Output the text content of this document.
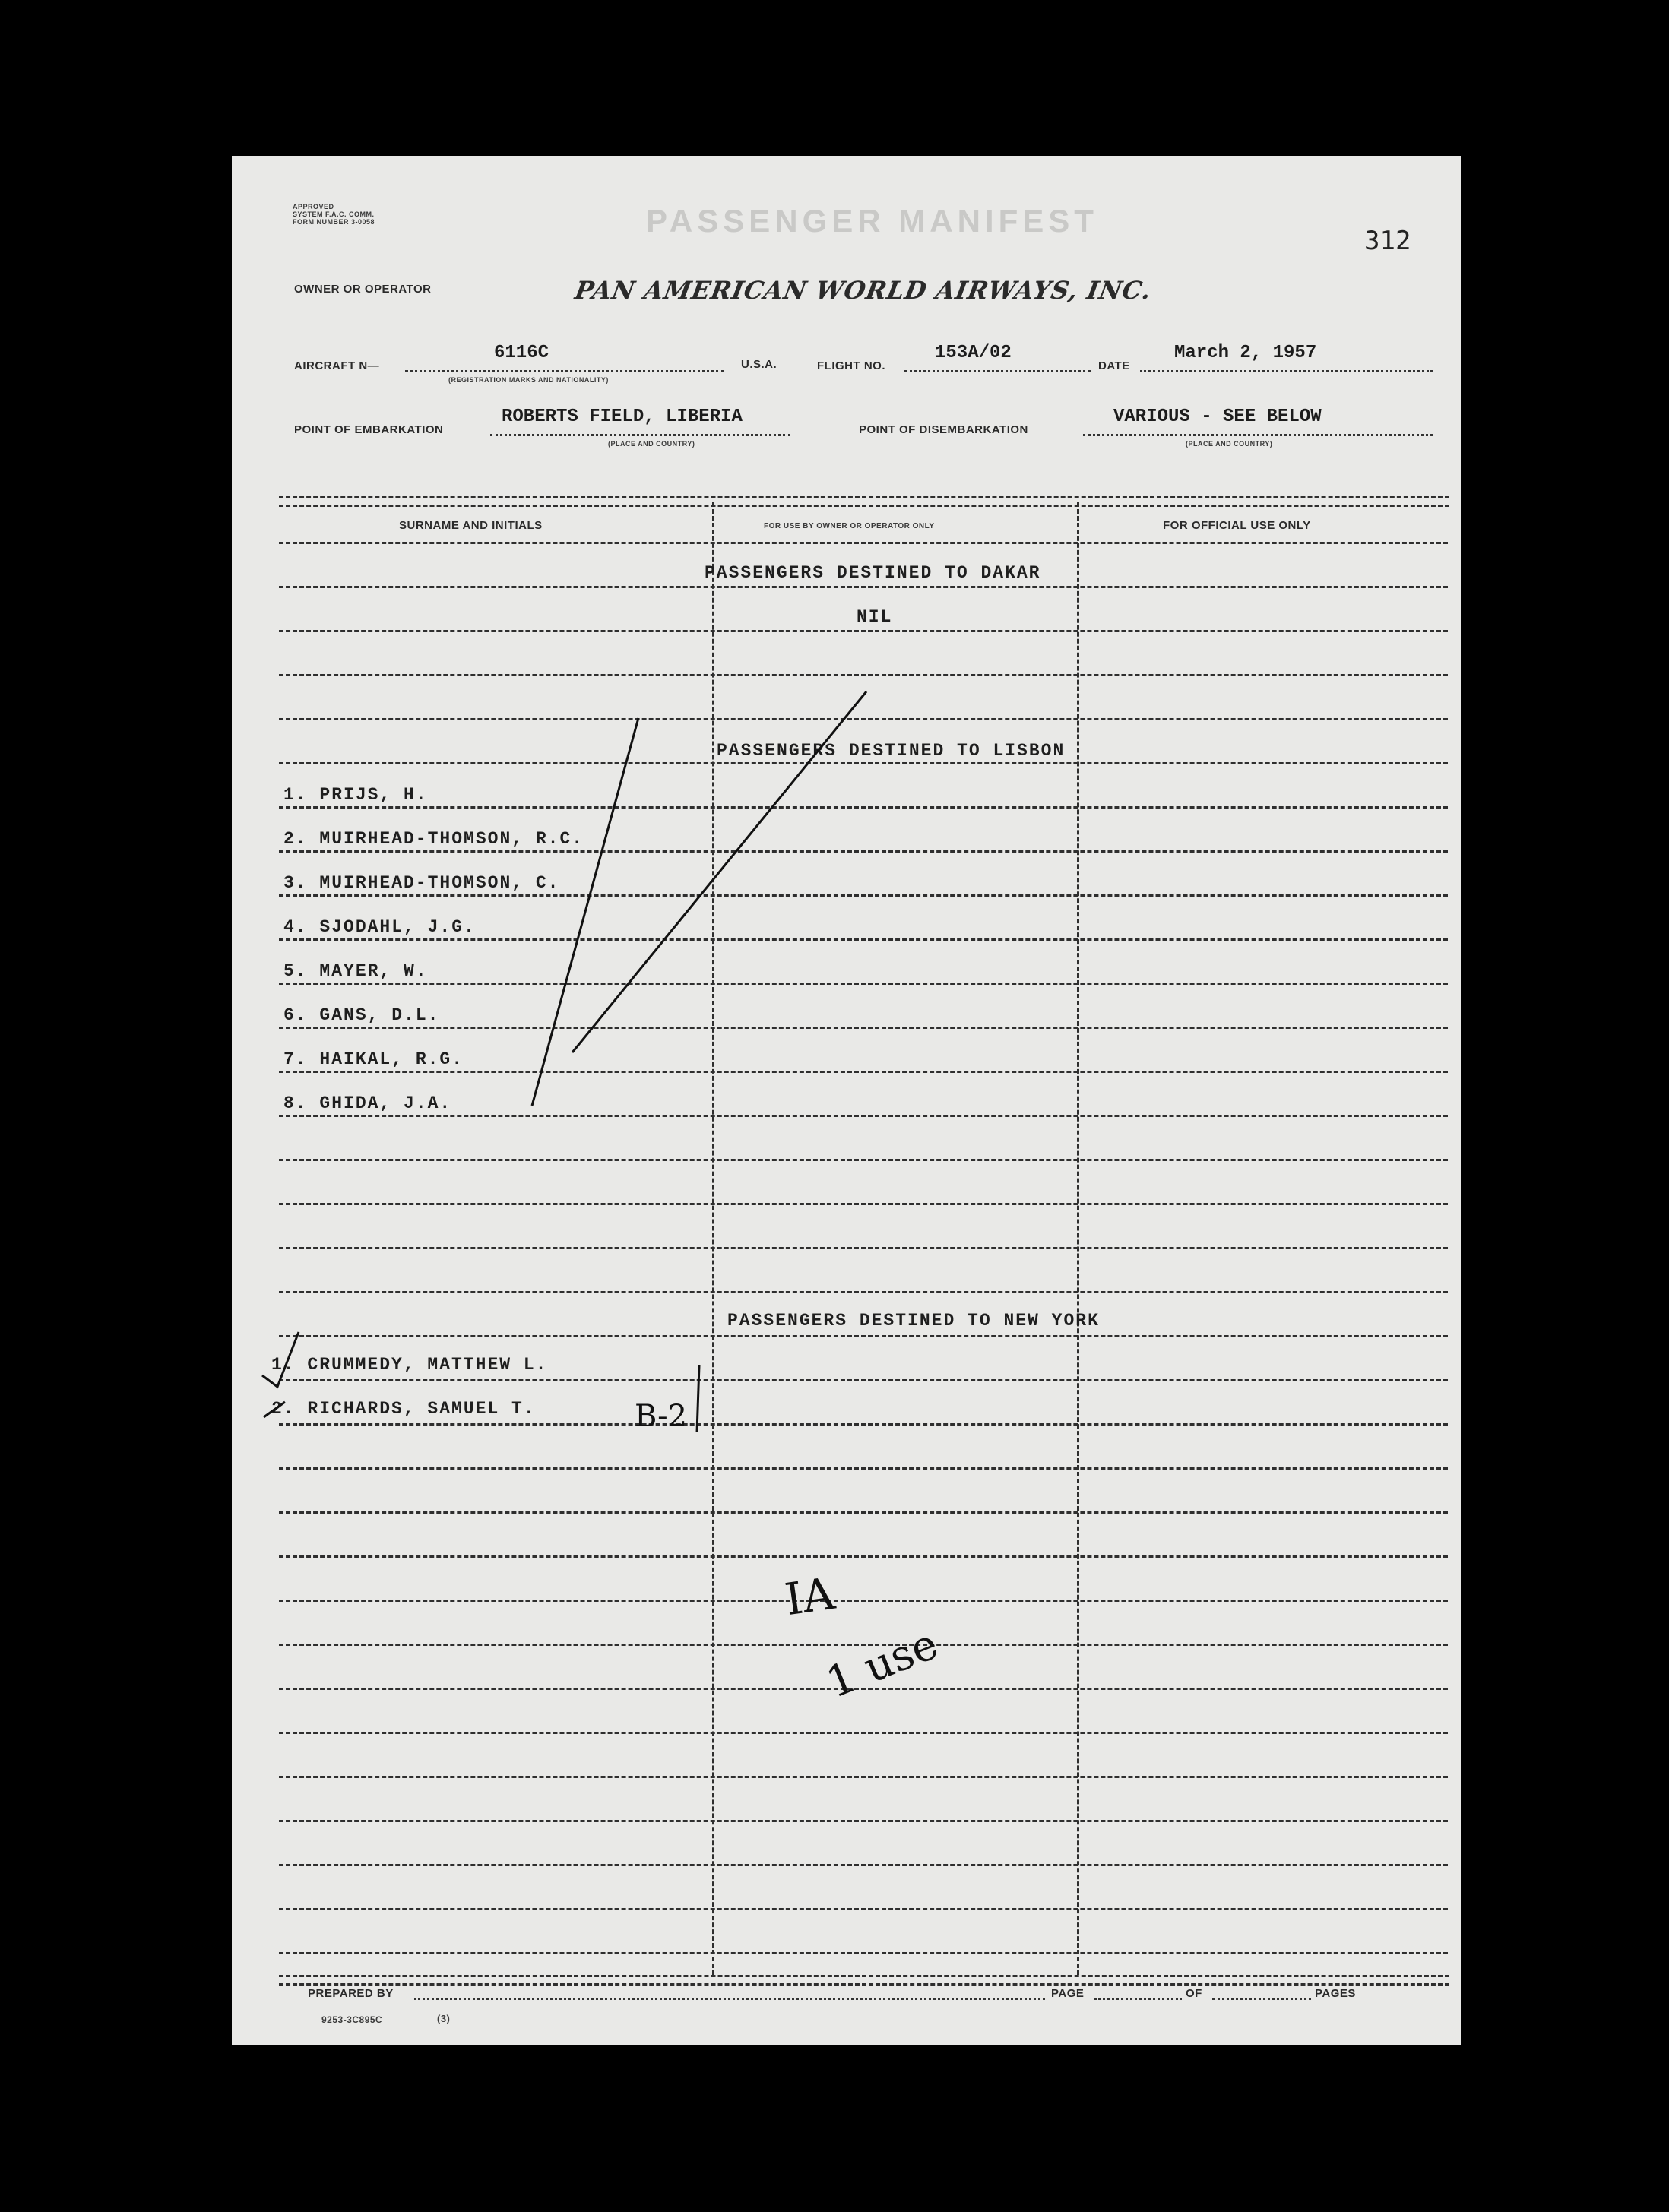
APPROVED
SYSTEM F.A.C. COMM.
FORM NUMBER 3-0058	PASSENGER MANIFEST
312
OWNER OR OPERATOR	PAN AMERICAN WORLD AIRWAYS, INC.
AIRCRAFT N—
6116C
(REGISTRATION MARKS AND NATIONALITY)
U.S.A.	FLIGHT NO.
153A/02
DATE
March 2, 1957
POINT OF EMBARKATION
ROBERTS FIELD, LIBERIA
(PLACE AND COUNTRY)
POINT OF DISEMBARKATION
VARIOUS - SEE BELOW
(PLACE AND COUNTRY)
SURNAME AND INITIALS	FOR USE BY OWNER OR OPERATOR ONLY	FOR OFFICIAL USE ONLY
PASSENGERS DESTINED TO DAKAR
NIL
PASSENGERS DESTINED TO LISBON
1. PRIJS, H.
2. MUIRHEAD-THOMSON, R.C.
3. MUIRHEAD-THOMSON, C.
4. SJODAHL, J.G.
5. MAYER, W.
6. GANS, D.L.
7. HAIKAL, R.G.
8. GHIDA, J.A.
PASSENGERS DESTINED TO NEW YORK
1. CRUMMEDY, MATTHEW L.
2. RICHARDS, SAMUEL T.	B-2
IA
1 use
PREPARED BY	PAGE	OF	PAGES
9253-3C895C	(3)
